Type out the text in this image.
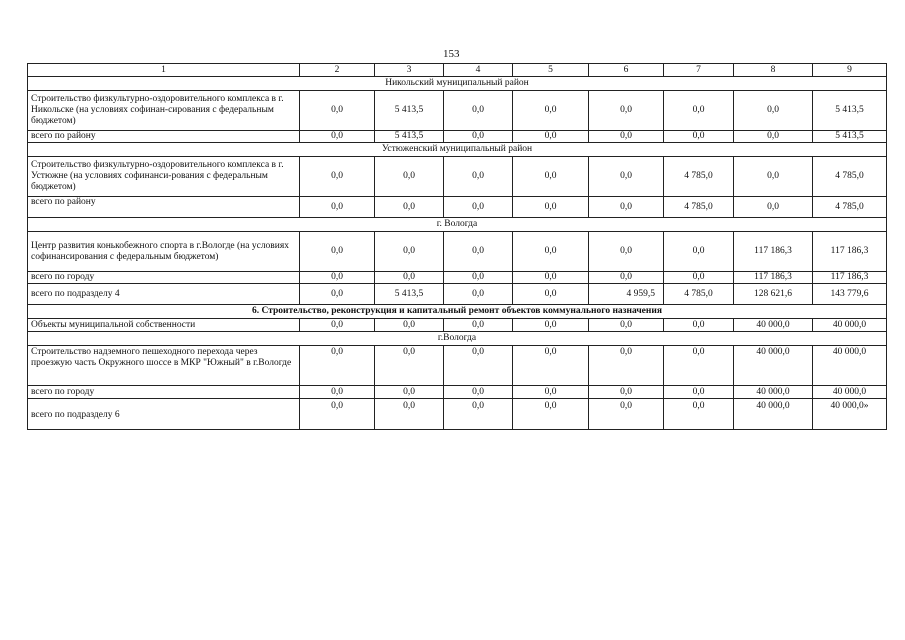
153
1	2	3	4	5	6	7	8	9
Никольский муниципальный район								
Строительство физкультурно-оздоровительного комплекса в г. Никольске (на условиях софинан-сирования с федеральным бюджетом)	0,0	5 413,5	0,0	0,0	0,0	0,0	0,0	5 413,5
всего по району	0,0	5 413,5	0,0	0,0	0,0	0,0	0,0	5 413,5
Устюженский муниципальный район								
Строительство физкультурно-оздоровительного комплекса в г. Устюжне (на условиях софинанси-рования с федеральным бюджетом)	0,0	0,0	0,0	0,0	0,0	4 785,0	0,0	4 785,0
всего по району	0,0	0,0	0,0	0,0	0,0	4 785,0	0,0	4 785,0
г. Вологда								
Центр развития конькобежного спорта в г.Вологде (на условиях софинансирования с федеральным бюджетом)	0,0	0,0	0,0	0,0	0,0	0,0	117 186,3	117 186,3
всего по городу	0,0	0,0	0,0	0,0	0,0	0,0	117 186,3	117 186,3
всего по подразделу 4	0,0	5 413,5	0,0	0,0	4 959,5	4 785,0	128 621,6	143 779,6
6. Строительство, реконструкция и капитальный ремонт объектов коммунального назначения								
Объекты муниципальной собственности	0,0	0,0	0,0	0,0	0,0	0,0	40 000,0	40 000,0
г.Вологда								
Строительство надземного пешеходного перехода через проезжую часть Окружного шоссе в МКР "Южный" в г.Вологде	0,0	0,0	0,0	0,0	0,0	0,0	40 000,0	40 000,0
всего по городу	0,0	0,0	0,0	0,0	0,0	0,0	40 000,0	40 000,0
всего по подразделу 6	0,0	0,0	0,0	0,0	0,0	0,0	40 000,0	40 000,0»
